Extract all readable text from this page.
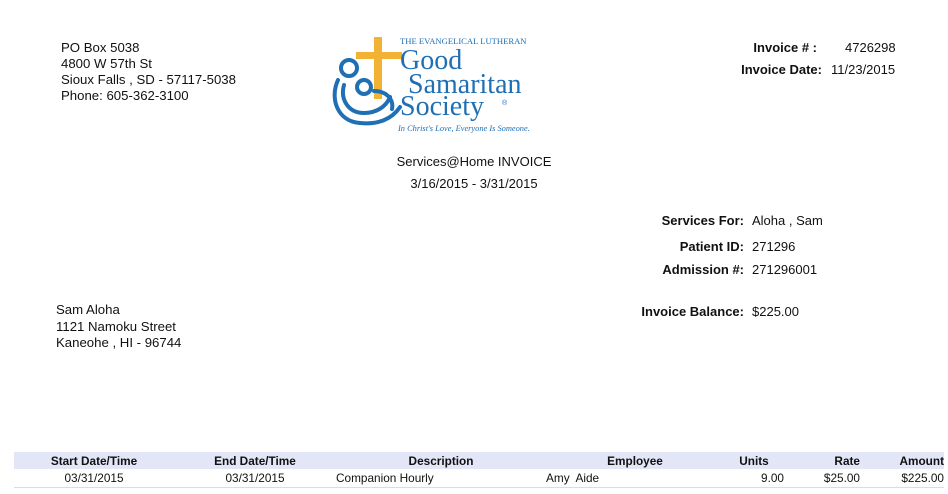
PO Box 5038
4800 W 57th St
Sioux Falls , SD - 57117-5038
Phone: 605-362-3100
THE EVANGELICAL LUTHERAN
Good
Samaritan
Society	®
In Christ's Love, Everyone Is Someone.
Invoice # : 4726298
Invoice Date: 11/23/2015
Services@Home INVOICE
3/16/2015 - 3/31/2015
Services For: Aloha , Sam
Patient ID: 271296
Admission #: 271296001
Invoice Balance: $225.00
Sam Aloha
1121 Namoku Street
Kaneohe , HI - 96744
Start Date/Time	End Date/Time	Description	Employee	Units	Rate	Amount
03/31/2015	03/31/2015	Companion Hourly	Amy  Aide	9.00	$25.00	$225.00
